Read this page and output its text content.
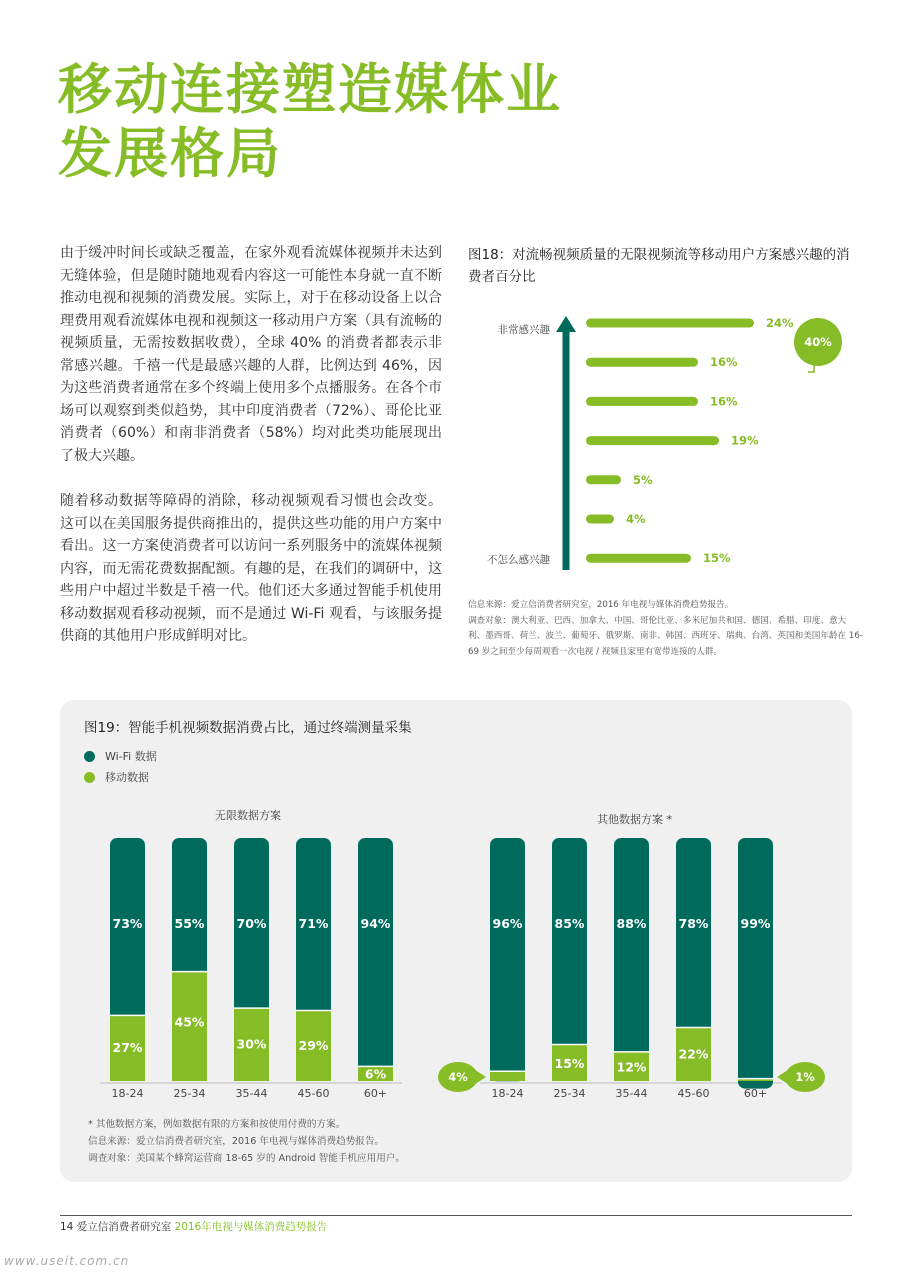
移动连接塑造媒体业
发展格局

由于缓冲时间长或缺乏覆盖，在家外观看流媒体视频并未达到无缝体验，但是随时随地观看内容这一可能性本身就一直不断推动电视和视频的消费发展。实际上，对于在移动设备上以合理费用观看流媒体电视和视频这一移动用户方案（具有流畅的视频质量，无需按数据收费），全球 40% 的消费者都表示非常感兴趣。千禧一代是最感兴趣的人群，比例达到 46%，因为这些消费者通常在多个终端上使用多个点播服务。在各个市场可以观察到类似趋势，其中印度消费者（72%）、哥伦比亚消费者（60%）和南非消费者（58%）均对此类功能展现出了极大兴趣。

随着移动数据等障碍的消除，移动视频观看习惯也会改变。 这可以在美国服务提供商推出的，提供这些功能的用户方案中看出。这一方案使消费者可以访问一系列服务中的流媒体视频内容，而无需花费数据配额。有趣的是，在我们的调研中，这些用户中超过半数是千禧一代。他们还大多通过智能手机使用移动数据观看移动视频，而不是通过 Wi-Fi 观看，与该服务提供商的其他用户形成鲜明对比。

图18：对流畅视频质量的无限视频流等移动用户方案感兴趣的消费者百分比

非常感兴趣
不怎么感兴趣
24%
16%
16%
19%
5%
4%
15%
40%
信息来源：爱立信消费者研究室，2016 年电视与媒体消费趋势报告。
调查对象：澳大利亚、巴西、加拿大、中国、哥伦比亚、多米尼加共和国、德国、希腊、印度、意大利、墨西哥、荷兰、波兰、葡萄牙、俄罗斯、南非、韩国、西班牙、瑞典、台湾、英国和美国年龄在 16-69 岁之间至少每周观看一次电视 / 视频且家里有宽带连接的人群。

图19：智能手机视频数据消费占比，通过终端测量采集

Wi-Fi 数据
移动数据
无限数据方案	其他数据方案 *
73%
27%
18-24
55%
45%
25-34
70%
30%
35-44
71%
29%
45-60
94%
6%
60+
96%
4%
18-24
85%
15%
25-34
88%
12%
35-44
78%
22%
45-60
99%
1%
60+
* 其他数据方案，例如数据有限的方案和按使用付费的方案。
信息来源：爱立信消费者研究室，2016 年电视与媒体消费趋势报告。
调查对象：美国某个蜂窝运营商 18-65 岁的 Android 智能手机应用用户。
14 爱立信消费者研究室 2016年电视与媒体消费趋势报告
www.useit.com.cn
